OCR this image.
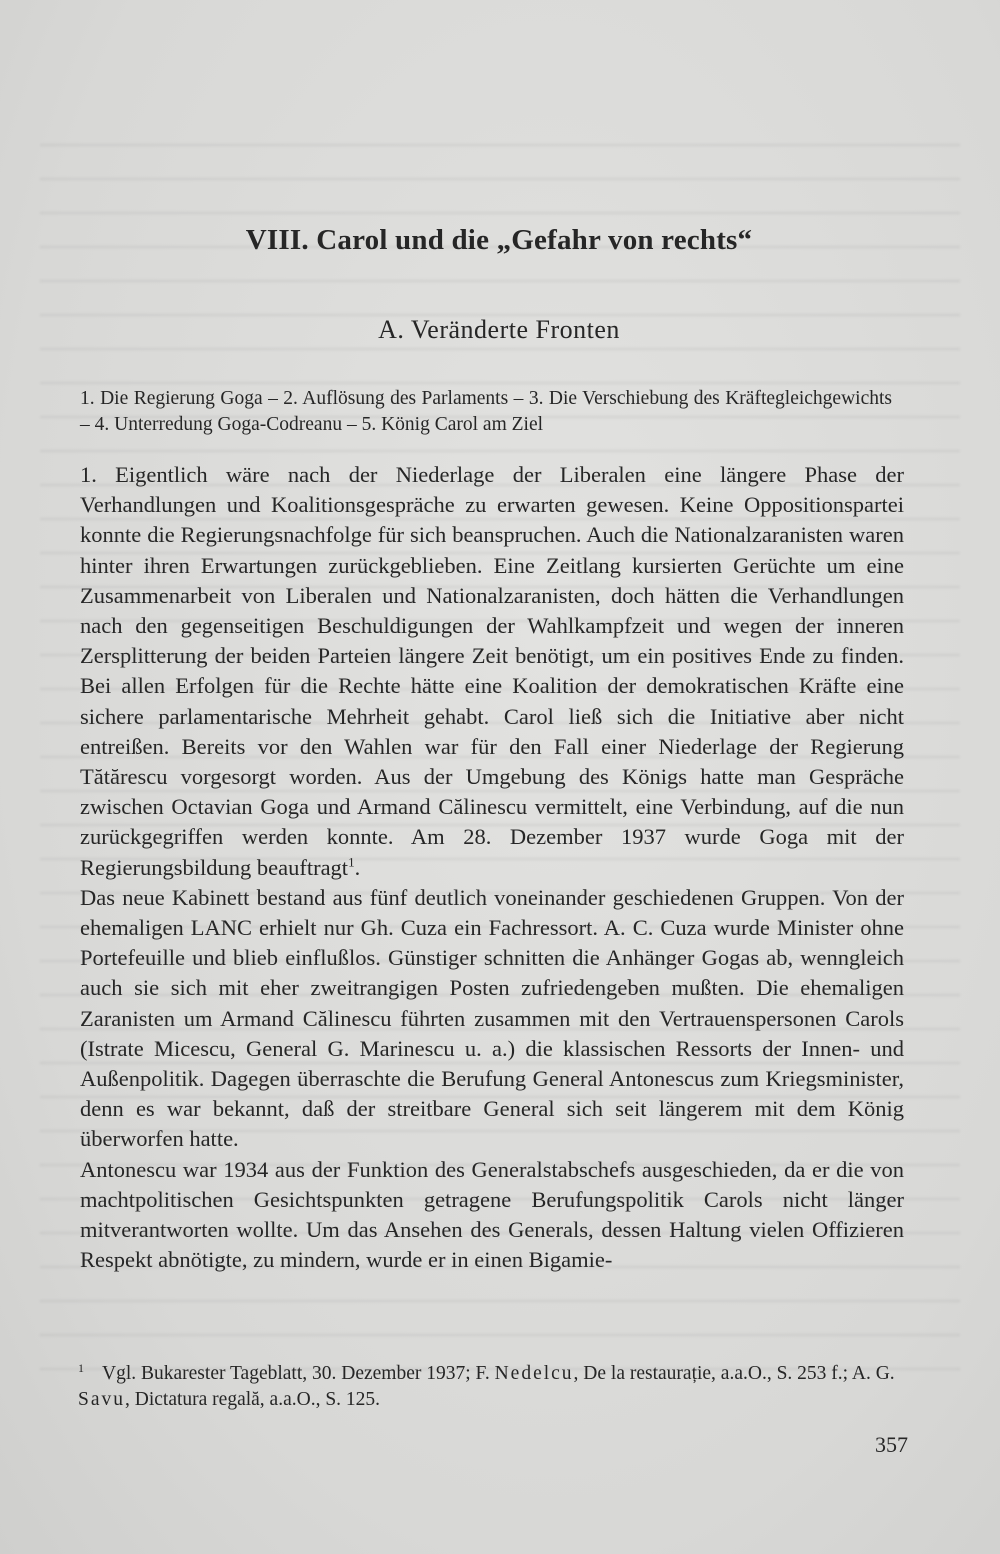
VIII. Carol und die „Gefahr von rechts“
A. Veränderte Fronten
1. Die Regierung Goga – 2. Auflösung des Parlaments – 3. Die Verschiebung des Kräftegleichgewichts – 4. Unterredung Goga-Codreanu – 5. König Carol am Ziel

1. Eigentlich wäre nach der Niederlage der Liberalen eine längere Phase der Verhandlungen und Koalitionsgespräche zu erwarten gewesen. Keine Oppositionspartei konnte die Regierungsnachfolge für sich beanspruchen. Auch die Nationalzaranisten waren hinter ihren Erwartungen zurückgeblieben. Eine Zeitlang kursierten Gerüchte um eine Zusammenarbeit von Liberalen und Nationalzaranisten, doch hätten die Verhandlungen nach den gegenseitigen Beschuldigungen der Wahlkampfzeit und wegen der inneren Zersplitterung der beiden Parteien längere Zeit benötigt, um ein positives Ende zu finden. Bei allen Erfolgen für die Rechte hätte eine Koalition der demokratischen Kräfte eine sichere parlamentarische Mehrheit gehabt. Carol ließ sich die Initiative aber nicht entreißen. Bereits vor den Wahlen war für den Fall einer Niederlage der Regierung Tătărescu vorgesorgt worden. Aus der Umgebung des Königs hatte man Gespräche zwischen Octavian Goga und Armand Călinescu vermittelt, eine Verbindung, auf die nun zurückgegriffen werden konnte. Am 28. Dezember 1937 wurde Goga mit der Regierungsbildung beauftragt$^1$.

Das neue Kabinett bestand aus fünf deutlich voneinander geschiedenen Gruppen. Von der ehemaligen LANC erhielt nur Gh. Cuza ein Fachressort. A. C. Cuza wurde Minister ohne Portefeuille und blieb einflußlos. Günstiger schnitten die Anhänger Gogas ab, wenngleich auch sie sich mit eher zweitrangigen Posten zufriedengeben mußten. Die ehemaligen Zaranisten um Armand Călinescu führten zusammen mit den Vertrauenspersonen Carols (Istrate Micescu, General G. Marinescu u. a.) die klassischen Ressorts der Innen- und Außenpolitik. Dagegen überraschte die Berufung General Antonescus zum Kriegsminister, denn es war bekannt, daß der streitbare General sich seit längerem mit dem König überworfen hatte.

Antonescu war 1934 aus der Funktion des Generalstabschefs ausgeschieden, da er die von machtpolitischen Gesichtspunkten getragene Berufungspolitik Carols nicht länger mitverantworten wollte. Um das Ansehen des Generals, dessen Haltung vielen Offizieren Respekt abnötigte, zu mindern, wurde er in einen Bigamie-

$^1$ Vgl. Bukarester Tageblatt, 30. Dezember 1937; F. Nedelcu, De la restaurație, a.a.O., S. 253 f.; A. G. Savu, Dictatura regală, a.a.O., S. 125.
357
